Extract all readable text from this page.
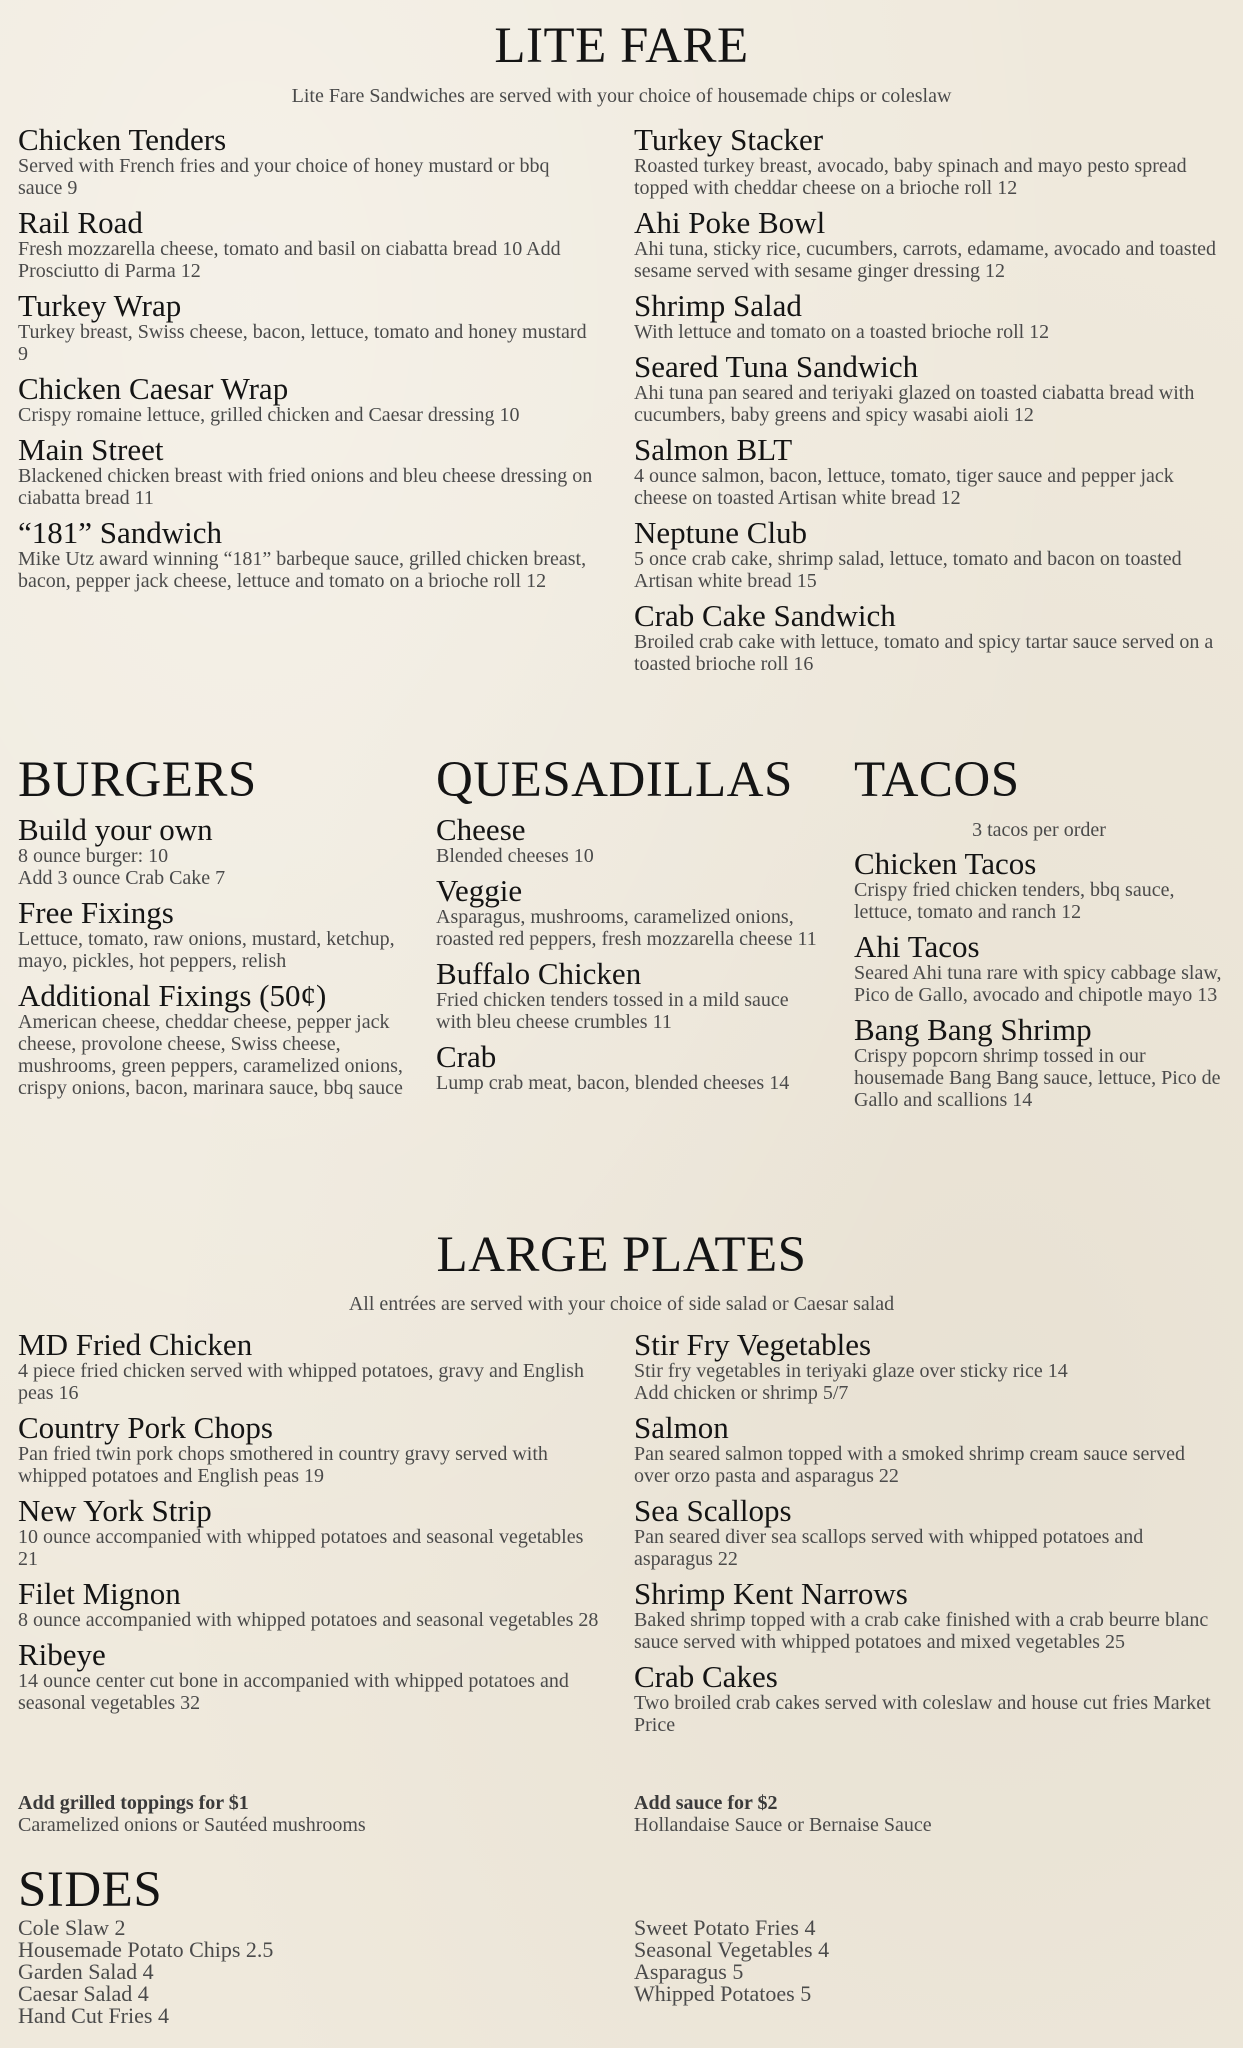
LITE FARE
Lite Fare Sandwiches are served with your choice of housemade chips or coleslaw
Chicken Tenders
Served with French fries and your choice of honey mustard or bbq sauce 9
Rail Road
Fresh mozzarella cheese, tomato and basil on ciabatta bread 10 Add Prosciutto di Parma 12
Turkey Wrap
Turkey breast, Swiss cheese, bacon, lettuce, tomato and honey mustard 9
Chicken Caesar Wrap
Crispy romaine lettuce, grilled chicken and Caesar dressing 10
Main Street
Blackened chicken breast with fried onions and bleu cheese dressing on ciabatta bread 11
“181” Sandwich
Mike Utz award winning “181” barbeque sauce, grilled chicken breast, bacon, pepper jack cheese, lettuce and tomato on a brioche roll 12
Turkey Stacker
Roasted turkey breast, avocado, baby spinach and mayo pesto spread topped with cheddar cheese on a brioche roll 12
Ahi Poke Bowl
Ahi tuna, sticky rice, cucumbers, carrots, edamame, avocado and toasted sesame served with sesame ginger dressing 12
Shrimp Salad
With lettuce and tomato on a toasted brioche roll 12
Seared Tuna Sandwich
Ahi tuna pan seared and teriyaki glazed on toasted ciabatta bread with cucumbers, baby greens and spicy wasabi aioli 12
Salmon BLT
4 ounce salmon, bacon, lettuce, tomato, tiger sauce and pepper jack cheese on toasted Artisan white bread 12
Neptune Club
5 once crab cake, shrimp salad, lettuce, tomato and bacon on toasted Artisan white bread 15
Crab Cake Sandwich
Broiled crab cake with lettuce, tomato and spicy tartar sauce served on a toasted brioche roll 16
BURGERS
Build your own
8 ounce burger: 10
Add 3 ounce Crab Cake 7
Free Fixings
Lettuce, tomato, raw onions, mustard, ketchup, mayo, pickles, hot peppers, relish
Additional Fixings (50¢)
American cheese, cheddar cheese, pepper jack cheese, provolone cheese, Swiss cheese, mushrooms, green peppers, caramelized onions, crispy onions, bacon, marinara sauce, bbq sauce
QUESADILLAS
Cheese
Blended cheeses 10
Veggie
Asparagus, mushrooms, caramelized onions, roasted red peppers, fresh mozzarella cheese 11
Buffalo Chicken
Fried chicken tenders tossed in a mild sauce with bleu cheese crumbles 11
Crab
Lump crab meat, bacon, blended cheeses 14
TACOS
3 tacos per order
Chicken Tacos
Crispy fried chicken tenders, bbq sauce, lettuce, tomato and ranch 12
Ahi Tacos
Seared Ahi tuna rare with spicy cabbage slaw, Pico de Gallo, avocado and chipotle mayo 13
Bang Bang Shrimp
Crispy popcorn shrimp tossed in our housemade Bang Bang sauce, lettuce, Pico de Gallo and scallions 14
LARGE PLATES
All entrées are served with your choice of side salad or Caesar salad
MD Fried Chicken
4 piece fried chicken served with whipped potatoes, gravy and English peas 16
Country Pork Chops
Pan fried twin pork chops smothered in country gravy served with whipped potatoes and English peas 19
New York Strip
10 ounce accompanied with whipped potatoes and seasonal vegetables 21
Filet Mignon
8 ounce accompanied with whipped potatoes and seasonal vegetables 28
Ribeye
14 ounce center cut bone in accompanied with whipped potatoes and seasonal vegetables 32
Stir Fry Vegetables
Stir fry vegetables in teriyaki glaze over sticky rice 14
Add chicken or shrimp 5/7
Salmon
Pan seared salmon topped with a smoked shrimp cream sauce served over orzo pasta and asparagus 22
Sea Scallops
Pan seared diver sea scallops served with whipped potatoes and asparagus 22
Shrimp Kent Narrows
Baked shrimp topped with a crab cake finished with a crab beurre blanc sauce served with whipped potatoes and mixed vegetables 25
Crab Cakes
Two broiled crab cakes served with coleslaw and house cut fries Market Price
Add grilled toppings for $1
Caramelized onions or Sautéed mushrooms
Add sauce for $2
Hollandaise Sauce or Bernaise Sauce
SIDES
Cole Slaw 2
Housemade Potato Chips 2.5
Garden Salad 4
Caesar Salad 4
Hand Cut Fries 4
Sweet Potato Fries 4
Seasonal Vegetables 4
Asparagus 5
Whipped Potatoes 5
